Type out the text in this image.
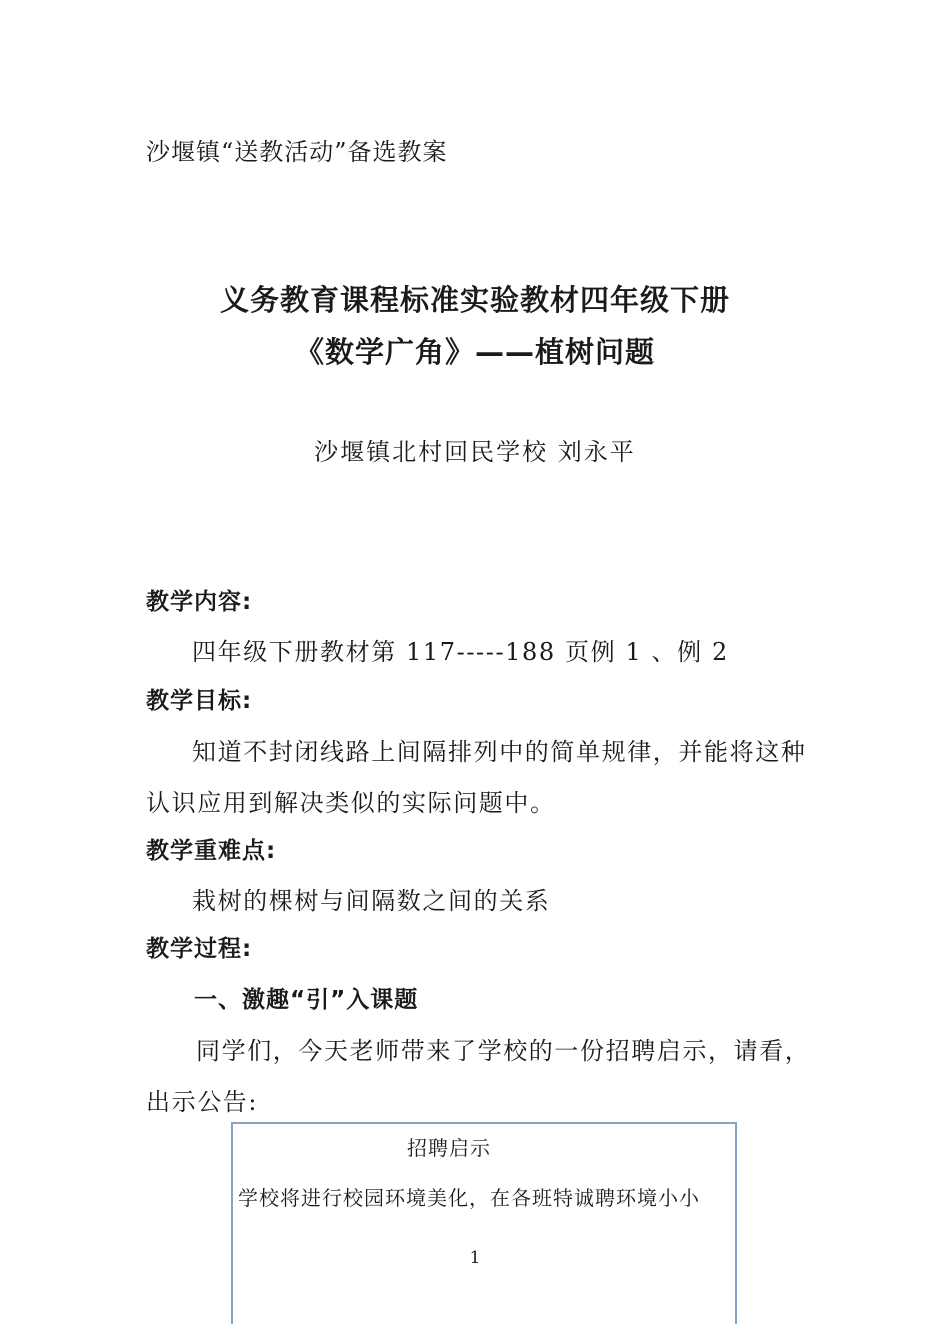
沙堰镇“送教活动”备选教案
义务教育课程标准实验教材四年级下册
《数学广角》——植树问题
沙堰镇北村回民学校 刘永平
教学内容:
四年级下册教材第 117-----188 页例 1 、例 2
教学目标:
知道不封闭线路上间隔排列中的简单规律，并能将这种
认识应用到解决类似的实际问题中。
教学重难点:
栽树的棵树与间隔数之间的关系
教学过程:
一、激趣“引”入课题
同学们，今天老师带来了学校的一份招聘启示，请看，
出示公告:
招聘启示
学校将进行校园环境美化，在各班特诚聘环境小小
1
